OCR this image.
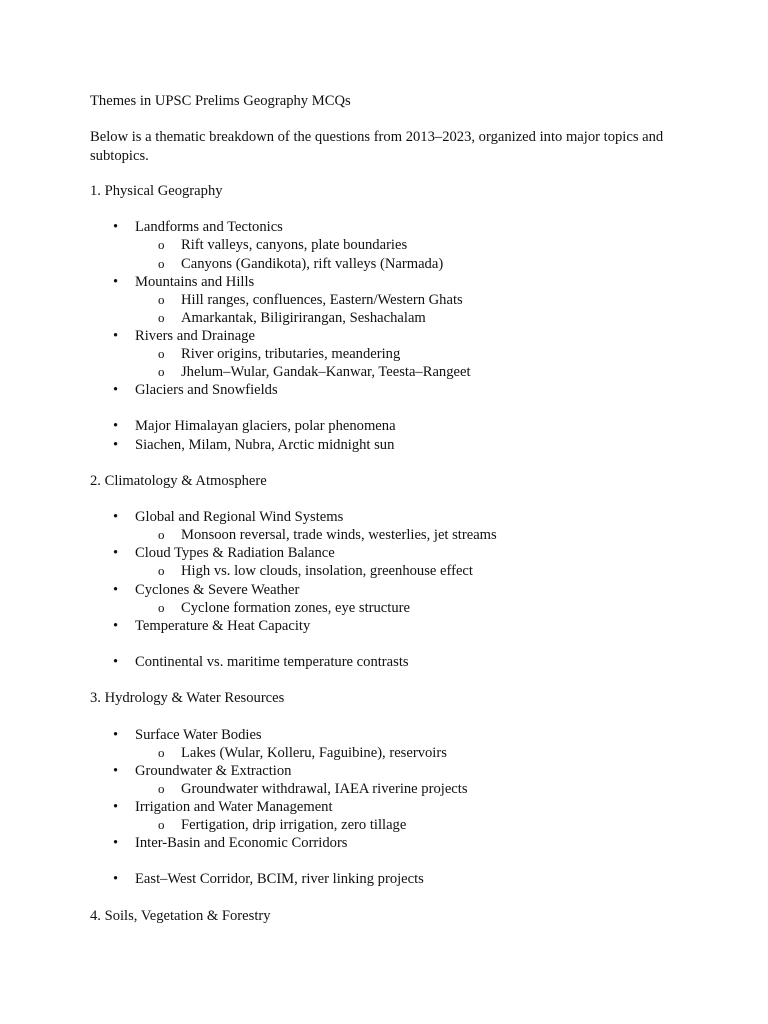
Themes in UPSC Prelims Geography MCQs

Below is a thematic breakdown of the questions from 2013–2023, organized into major topics and subtopics.

1. Physical Geography
• Landforms and Tectonics
o Rift valleys, canyons, plate boundaries
o Canyons (Gandikota), rift valleys (Narmada)
• Mountains and Hills
o Hill ranges, confluences, Eastern/Western Ghats
o Amarkantak, Biligirirangan, Seshachalam
• Rivers and Drainage
o River origins, tributaries, meandering
o Jhelum–Wular, Gandak–Kanwar, Teesta–Rangeet
• Glaciers and Snowfields
• Major Himalayan glaciers, polar phenomena
• Siachen, Milam, Nubra, Arctic midnight sun
2. Climatology & Atmosphere
• Global and Regional Wind Systems
o Monsoon reversal, trade winds, westerlies, jet streams
• Cloud Types & Radiation Balance
o High vs. low clouds, insolation, greenhouse effect
• Cyclones & Severe Weather
o Cyclone formation zones, eye structure
• Temperature & Heat Capacity
• Continental vs. maritime temperature contrasts
3. Hydrology & Water Resources
• Surface Water Bodies
o Lakes (Wular, Kolleru, Faguibine), reservoirs
• Groundwater & Extraction
o Groundwater withdrawal, IAEA riverine projects
• Irrigation and Water Management
o Fertigation, drip irrigation, zero tillage
• Inter-Basin and Economic Corridors
• East–West Corridor, BCIM, river linking projects
4. Soils, Vegetation & Forestry
